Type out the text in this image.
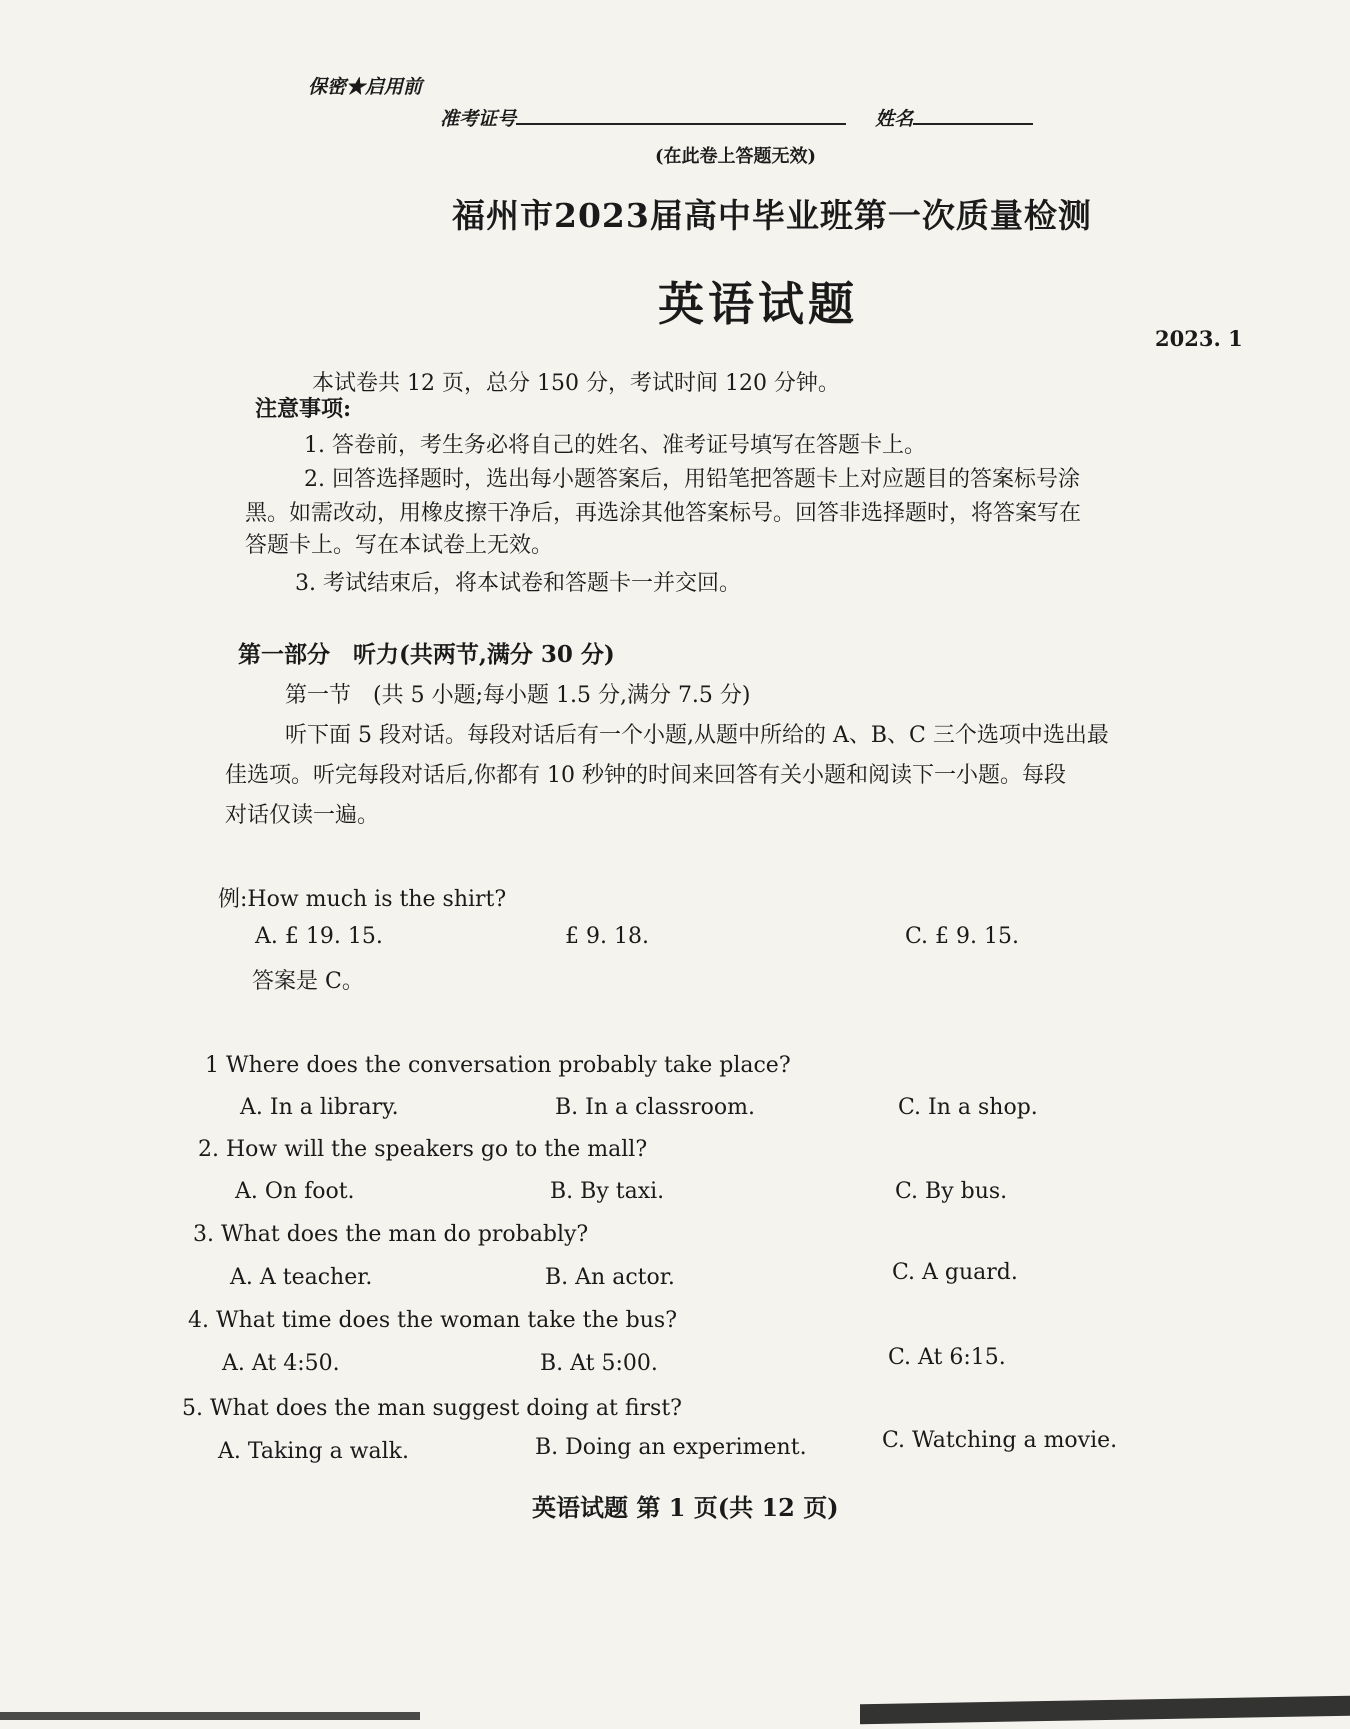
保密★启用前
准考证号	姓名
(在此卷上答题无效)
福州市2023届高中毕业班第一次质量检测
英语试题
2023. 1
本试卷共 12 页，总分 150 分，考试时间 120 分钟。
注意事项:
1. 答卷前，考生务必将自己的姓名、准考证号填写在答题卡上。
2. 回答选择题时，选出每小题答案后，用铅笔把答题卡上对应题目的答案标号涂
黑。如需改动，用橡皮擦干净后，再选涂其他答案标号。回答非选择题时，将答案写在
答题卡上。写在本试卷上无效。
3. 考试结束后，将本试卷和答题卡一并交回。
第一部分　听力(共两节,满分 30 分)
第一节　(共 5 小题;每小题 1.5 分,满分 7.5 分)
听下面 5 段对话。每段对话后有一个小题,从题中所给的 A、B、C 三个选项中选出最
佳选项。听完每段对话后,你都有 10 秒钟的时间来回答有关小题和阅读下一小题。每段
对话仅读一遍。
例:How much is the shirt?
A. £ 19. 15.	£ 9. 18.	C. £ 9. 15.
答案是 C。
1 Where does the conversation probably take place?
A. In a library.	B. In a classroom.	C. In a shop.
2. How will the speakers go to the mall?
A. On foot.	B. By taxi.	C. By bus.
3. What does the man do probably?
A. A teacher.	B. An actor.	C. A guard.
4. What time does the woman take the bus?
A. At 4:50.	B. At 5:00.	C. At 6:15.
5. What does the man suggest doing at first?
A. Taking a walk.	B. Doing an experiment.	C. Watching a movie.
英语试题 第 1 页(共 12 页)
